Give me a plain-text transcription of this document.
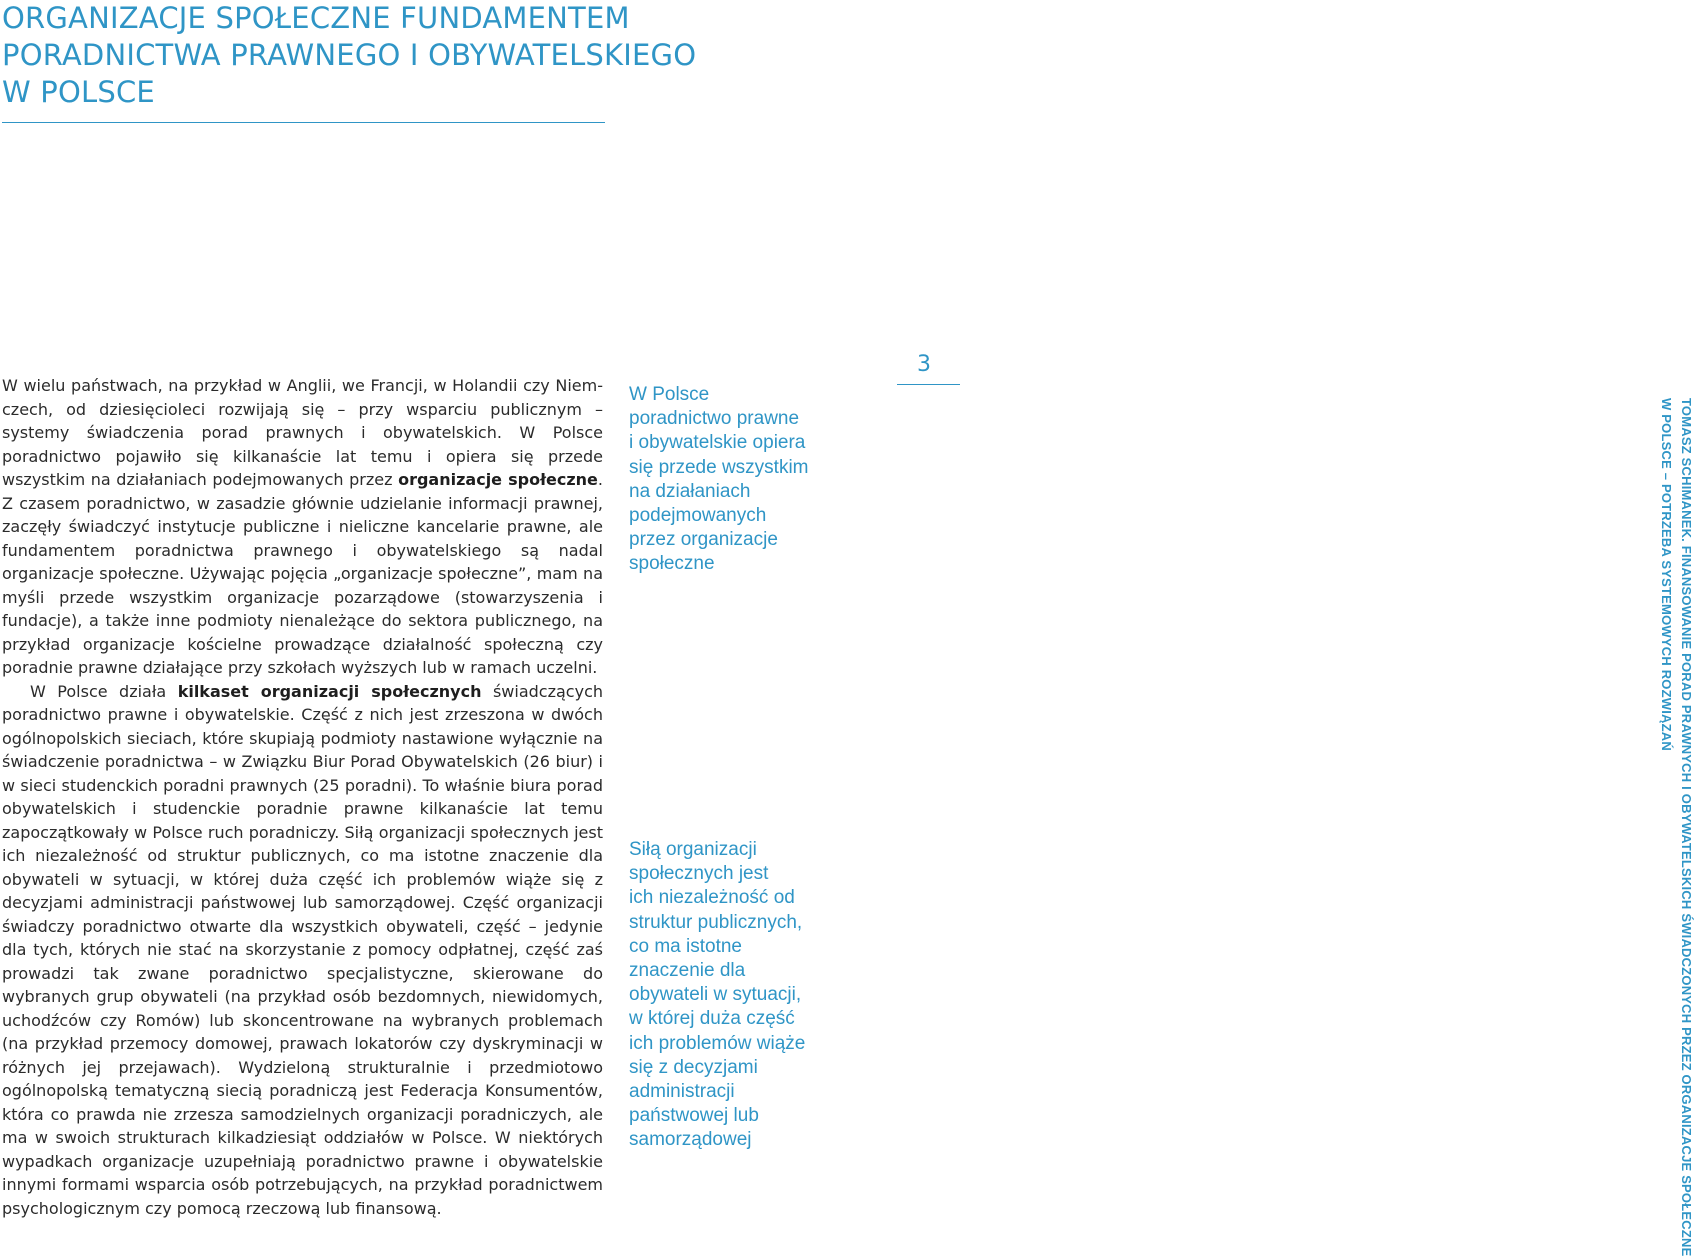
ORGANIZACJE SPOŁECZNE FUNDAMENTEM
PORADNICTWA PRAWNEGO I OBYWATELSKIEGO
W POLSCE

W wielu państwach, na przykład w Anglii, we Francji, w Holandii czy Niemczech, od dziesięcioleci rozwijają się – przy wsparciu publicznym – systemy świadczenia porad prawnych i obywatelskich. W Polsce poradnictwo pojawiło się kilkanaście lat temu i opiera się przede wszystkim na działaniach podejmowanych przez organizacje społeczne. Z czasem poradnictwo, w zasadzie głównie udzielanie informacji prawnej, zaczęły świadczyć instytucje publiczne i nieliczne kancelarie prawne, ale fundamentem poradnictwa prawnego i obywatelskiego są nadal organizacje społeczne. Używając pojęcia „organizacje społeczne”, mam na myśli przede wszystkim organizacje pozarządowe (stowarzyszenia i fundacje), a także inne podmioty nienależące do sektora publicznego, na przykład organizacje kościelne prowadzące działalność społeczną czy poradnie prawne działające przy szkołach wyższych lub w ramach uczelni.

W Polsce działa kilkaset organizacji społecznych świadczących poradnictwo prawne i obywatelskie. Część z nich jest zrzeszona w dwóch ogólnopolskich sieciach, które skupiają podmioty nastawione wyłącznie na świadczenie poradnictwa – w Związku Biur Porad Obywatelskich (26 biur) i w sieci studenckich poradni prawnych (25 poradni). To właśnie biura porad obywatelskich i studenckie poradnie prawne kilkanaście lat temu zapoczątkowały w Polsce ruch poradniczy. Siłą organizacji społecznych jest ich niezależność od struktur publicznych, co ma istotne znaczenie dla obywateli w sytuacji, w której duża część ich problemów wiąże się z decyzjami administracji państwowej lub samorządowej. Część organizacji świadczy poradnictwo otwarte dla wszystkich obywateli, część – jedynie dla tych, których nie stać na skorzystanie z pomocy odpłatnej, część zaś prowadzi tak zwane poradnictwo specjalistyczne, skierowane do wybranych grup obywateli (na przykład osób bezdomnych, niewidomych, uchodźców czy Romów) lub skoncentrowane na wybranych problemach (na przykład przemocy domowej, prawach lokatorów czy dyskryminacji w różnych jej przejawach). Wydzieloną strukturalnie i przedmiotowo ogólnopolską tematyczną siecią poradniczą jest Federacja Konsumentów, która co prawda nie zrzesza samodzielnych organizacji poradniczych, ale ma w swoich strukturach kilkadziesiąt oddziałów w Polsce. W niektórych wypadkach organizacje uzupełniają poradnictwo prawne i obywatelskie innymi formami wsparcia osób potrzebujących, na przykład poradnictwem psychologicznym czy pomocą rzeczową lub finansową.

W Polsce
poradnictwo prawne
i obywatelskie opiera
się przede wszystkim
na działaniach
podejmowanych
przez organizacje
społeczne
Siłą organizacji
społecznych jest
ich niezależność od
struktur publicznych,
co ma istotne
znaczenie dla
obywateli w sytuacji,
w której duża część
ich problemów wiąże
się z decyzjami
administracji
państwowej lub
samorządowej
3
TOMASZ SCHIMANEK. FINANSOWANIE PORAD PRAWNYCH I OBYWATELSKICH ŚWIADCZONYCH PRZEZ ORGANIZACJE SPOŁECZNE
W POLSCE – POTRZEBA SYSTEMOWYCH ROZWIĄZAŃ
